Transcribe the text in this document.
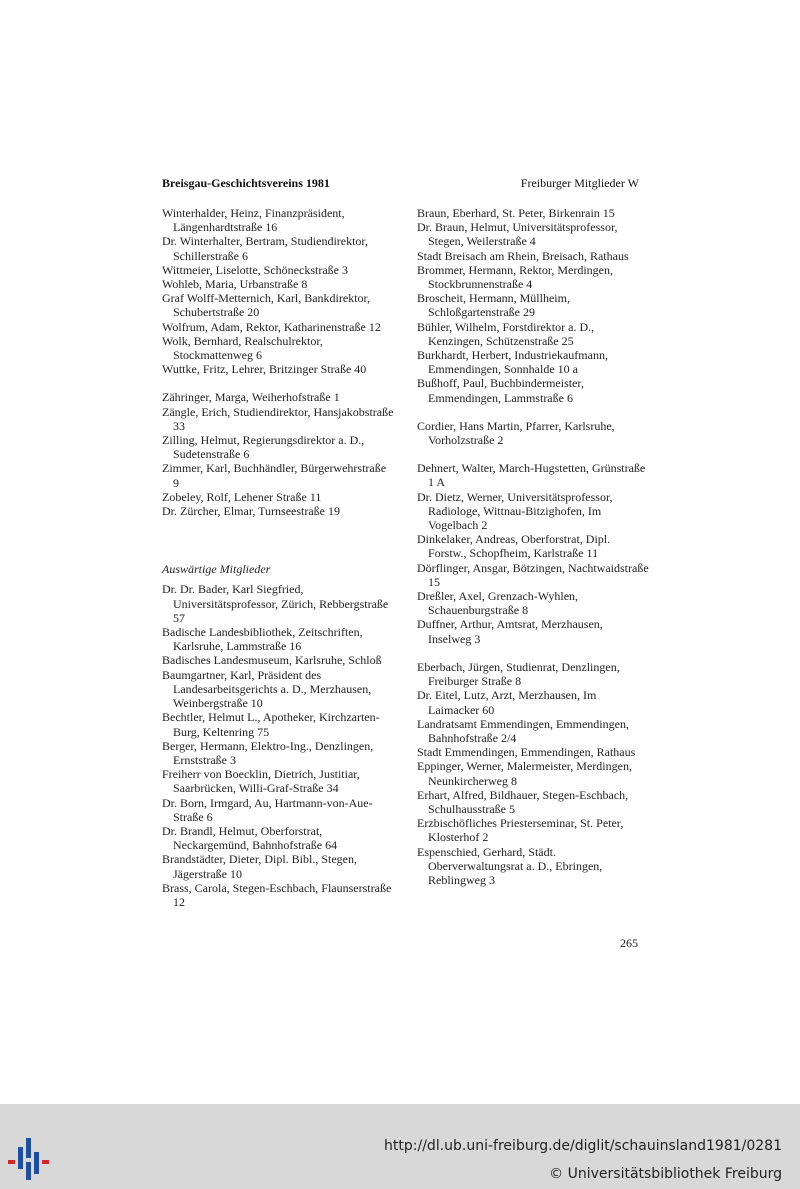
Breisgau-Geschichtsvereins 1981	Freiburger Mitglieder W
Winterhalder, Heinz, Finanzpräsident, Längenhardtstraße 16
Dr. Winterhalter, Bertram, Studiendirektor, Schillerstraße 6
Wittmeier, Liselotte, Schöneckstraße 3
Wohleb, Maria, Urbanstraße 8
Graf Wolff-Metternich, Karl, Bankdirektor, Schubertstraße 20
Wolfrum, Adam, Rektor, Katharinenstraße 12
Wolk, Bernhard, Realschulrektor, Stockmattenweg 6
Wuttke, Fritz, Lehrer, Britzinger Straße 40
Zähringer, Marga, Weiherhofstraße 1
Zängle, Erich, Studiendirektor, Hansjakobstraße 33
Zilling, Helmut, Regierungsdirektor a. D., Sudetenstraße 6
Zimmer, Karl, Buchhändler, Bürgerwehrstraße 9
Zobeley, Rolf, Lehener Straße 11
Dr. Zürcher, Elmar, Turnseestraße 19
Auswärtige Mitglieder
Dr. Dr. Bader, Karl Siegfried, Universitätsprofessor, Zürich, Rebbergstraße 57
Badische Landesbibliothek, Zeitschriften, Karlsruhe, Lammstraße 16
Badisches Landesmuseum, Karlsruhe, Schloß
Baumgartner, Karl, Präsident des Landesarbeitsgerichts a. D., Merzhausen, Weinbergstraße 10
Bechtler, Helmut L., Apotheker, Kirchzarten-Burg, Keltenring 75
Berger, Hermann, Elektro-Ing., Denzlingen, Ernststraße 3
Freiherr von Boecklin, Dietrich, Justitiar, Saarbrücken, Willi-Graf-Straße 34
Dr. Born, Irmgard, Au, Hartmann-von-Aue-Straße 6
Dr. Brandl, Helmut, Oberforstrat, Neckargemünd, Bahnhofstraße 64
Brandstädter, Dieter, Dipl. Bibl., Stegen, Jägerstraße 10
Brass, Carola, Stegen-Eschbach, Flaunserstraße 12
Braun, Eberhard, St. Peter, Birkenrain 15
Dr. Braun, Helmut, Universitätsprofessor, Stegen, Weilerstraße 4
Stadt Breisach am Rhein, Breisach, Rathaus
Brommer, Hermann, Rektor, Merdingen, Stockbrunnenstraße 4
Broscheit, Hermann, Müllheim, Schloßgartenstraße 29
Bühler, Wilhelm, Forstdirektor a. D., Kenzingen, Schützenstraße 25
Burkhardt, Herbert, Industriekaufmann, Emmendingen, Sonnhalde 10 a
Bußhoff, Paul, Buchbindermeister, Emmendingen, Lammstraße 6
Cordier, Hans Martin, Pfarrer, Karlsruhe, Vorholzstraße 2
Dehnert, Walter, March-Hugstetten, Grünstraße 1 A
Dr. Dietz, Werner, Universitätsprofessor, Radiologe, Wittnau-Bitzighofen, Im Vogelbach 2
Dinkelaker, Andreas, Oberforstrat, Dipl. Forstw., Schopfheim, Karlstraße 11
Dörflinger, Ansgar, Bötzingen, Nachtwaidstraße 15
Dreßler, Axel, Grenzach-Wyhlen, Schauenburgstraße 8
Duffner, Arthur, Amtsrat, Merzhausen, Inselweg 3
Eberbach, Jürgen, Studienrat, Denzlingen, Freiburger Straße 8
Dr. Eitel, Lutz, Arzt, Merzhausen, Im Laimacker 60
Landratsamt Emmendingen, Emmendingen, Bahnhofstraße 2/4
Stadt Emmendingen, Emmendingen, Rathaus
Eppinger, Werner, Malermeister, Merdingen, Neunkircherweg 8
Erhart, Alfred, Bildhauer, Stegen-Eschbach, Schulhausstraße 5
Erzbischöfliches Priesterseminar, St. Peter, Klosterhof 2
Espenschied, Gerhard, Städt. Oberverwaltungsrat a. D., Ebringen, Reblingweg 3
265
http://dl.ub.uni-freiburg.de/diglit/schauinsland1981/0281
© Universitätsbibliothek Freiburg
